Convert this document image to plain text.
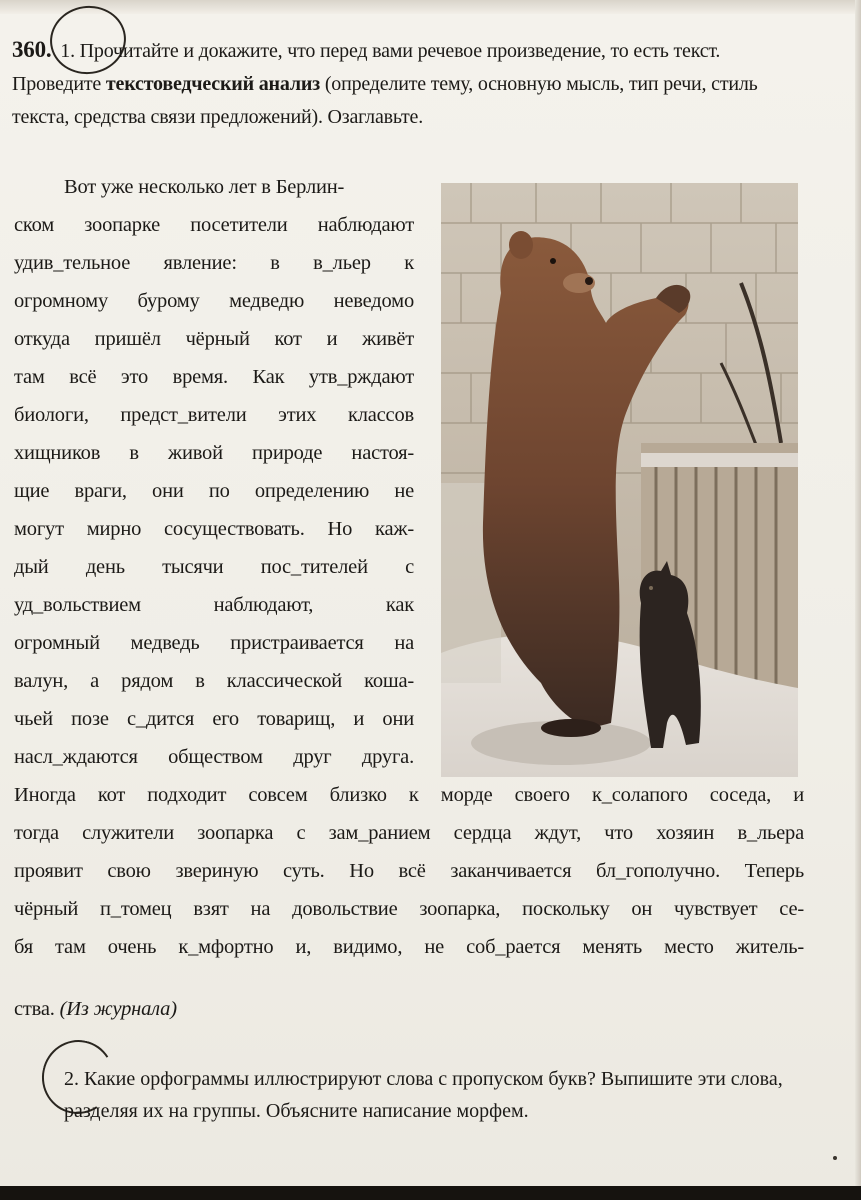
360. 1. Прочитайте и докажите, что перед вами речевое произведение, то есть текст. Проведите текстоведческий анализ (определите тему, основную мысль, тип речи, стиль текста, средства связи предложений). Озаглавьте.
Вот уже несколько лет в Берлин-
ском зоопарке посетители наблюдают
удив_тельное явление: в в_льер к
огромному бурому медведю неведомо
откуда пришёл чёрный кот и живёт
там всё это время. Как утв_рждают
биологи, предст_вители этих классов
хищников в живой природе настоя-
щие враги, они по определению не
могут мирно сосуществовать. Но каж-
дый день тысячи пос_тителей с
уд_вольствием наблюдают, как
огромный медведь пристраивается на
валун, а рядом в классической коша-
чьей позе с_дится его товарищ, и они
насл_ждаются обществом друг друга.
Иногда кот подходит совсем близко к морде своего к_солапого соседа, и
тогда служители зоопарка с зам_ранием сердца ждут, что хозяин в_льера
проявит свою звериную суть. Но всё заканчивается бл_гополучно. Теперь
чёрный п_томец взят на довольствие зоопарка, поскольку он чувствует се-
бя там очень к_мфортно и, видимо, не соб_рается менять место житель-
ства. (Из журнала)
2. Какие орфограммы иллюстрируют слова с пропуском букв? Выпишите эти слова, разделяя их на группы. Объясните написание морфем.
